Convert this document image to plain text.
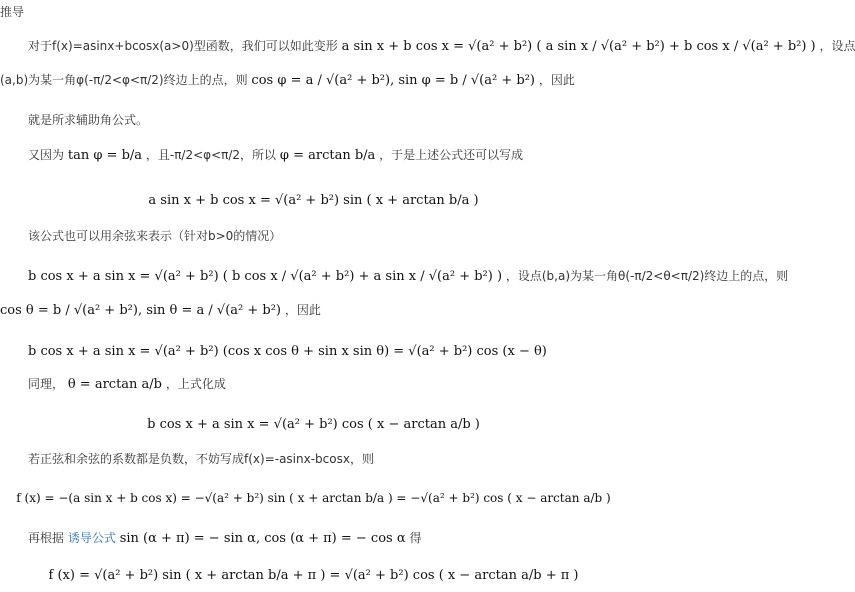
推导
对于f(x)=asinx+bcosx(a>0)型函数，我们可以如此变形 a sin x + b cos x = √(a² + b²) ( a sin x / √(a² + b²) + b cos x / √(a² + b²) ) ，设点
(a,b)为某一角φ(-π/2<φ<π/2)终边上的点，则 cos φ = a / √(a² + b²), sin φ = b / √(a² + b²) ，因此
就是所求辅助角公式。
又因为 tan φ = b/a ，且-π/2<φ<π/2，所以 φ = arctan b/a ，于是上述公式还可以写成
a sin x + b cos x = √(a² + b²) sin ( x + arctan b/a )
该公式也可以用余弦来表示（针对b>0的情况）
b cos x + a sin x = √(a² + b²) ( b cos x / √(a² + b²) + a sin x / √(a² + b²) ) ，设点(b,a)为某一角θ(-π/2<θ<π/2)终边上的点，则
cos θ = b / √(a² + b²), sin θ = a / √(a² + b²) ，因此
b cos x + a sin x = √(a² + b²) (cos x cos θ + sin x sin θ) = √(a² + b²) cos (x − θ)
同理， θ = arctan a/b ，上式化成
b cos x + a sin x = √(a² + b²) cos ( x − arctan a/b )
若正弦和余弦的系数都是负数，不妨写成f(x)=-asinx-bcosx，则
f (x) = −(a sin x + b cos x) = −√(a² + b²) sin ( x + arctan b/a ) = −√(a² + b²) cos ( x − arctan a/b )
再根据 诱导公式 sin (α + π) = − sin α, cos (α + π) = − cos α 得
f (x) = √(a² + b²) sin ( x + arctan b/a + π ) = √(a² + b²) cos ( x − arctan a/b + π )
